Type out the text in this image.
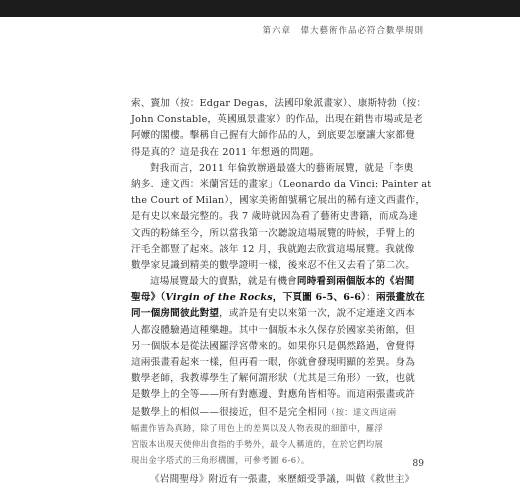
第六章　偉大藝術作品必符合數學規則
索、竇加（按：Edgar Degas，法國印象派畫家）、康斯特勃（按：
John Constable，英國風景畫家）的作品，出現在銷售市場或是老
阿嬤的閣樓。擊稱自己握有大師作品的人，到底要怎麼讓大家都覺
得是真的？這是我在 2011 年想過的問題。
對我而言，2011 年倫敦辦過最盛大的藝術展覽，就是「李奧
納多．達文西：米蘭宮廷的畫家」（Leonardo da Vinci: Painter at
the Court of Milan），國家美術館號稱它展出的稀有達文西畫作，
是有史以來最完整的。我 7 歲時就因為看了藝術史書籍，而成為達
文西的粉絲至今，所以當我第一次聽說這場展覽的時候，手臂上的
汗毛全都豎了起來。該年 12 月，我就跑去欣賞這場展覽。我就像
數學家見識到精美的數學證明一樣，後來忍不住又去看了第二次。
這場展覽最大的賣點，就是有機會同時看到兩個版本的《岩間
聖母》（Virgin of the Rocks，下頁圖 6-5、6-6）：兩張畫放在
同一個房間彼此對望，或許是有史以來第一次，說不定連達文西本
人都沒體驗過這種樂趣。其中一個版本永久保存於國家美術館，但
另一個版本是從法國羅浮宮帶來的。如果你只是偶然路過，會覺得
這兩張畫看起來一樣，但再看一眼，你就會發現明顯的差異。身為
數學老師，我教導學生了解何謂形狀（尤其是三角形）一致，也就
是數學上的全等——所有對應邊、對應角皆相等。而這兩張畫或許
是數學上的相似——很接近，但不是完全相同（按：達文西這兩
幅畫作皆為真跡，除了用色上的差異以及人物表現的細節中，羅浮
宮版本出現天使伸出食指的手勢外，最令人稱道的，在於它們均展
現出金字塔式的三角形構圖，可參考圖 6-6）。
《岩間聖母》附近有一張畫，來歷頗受爭議，叫做《救世主》
89
